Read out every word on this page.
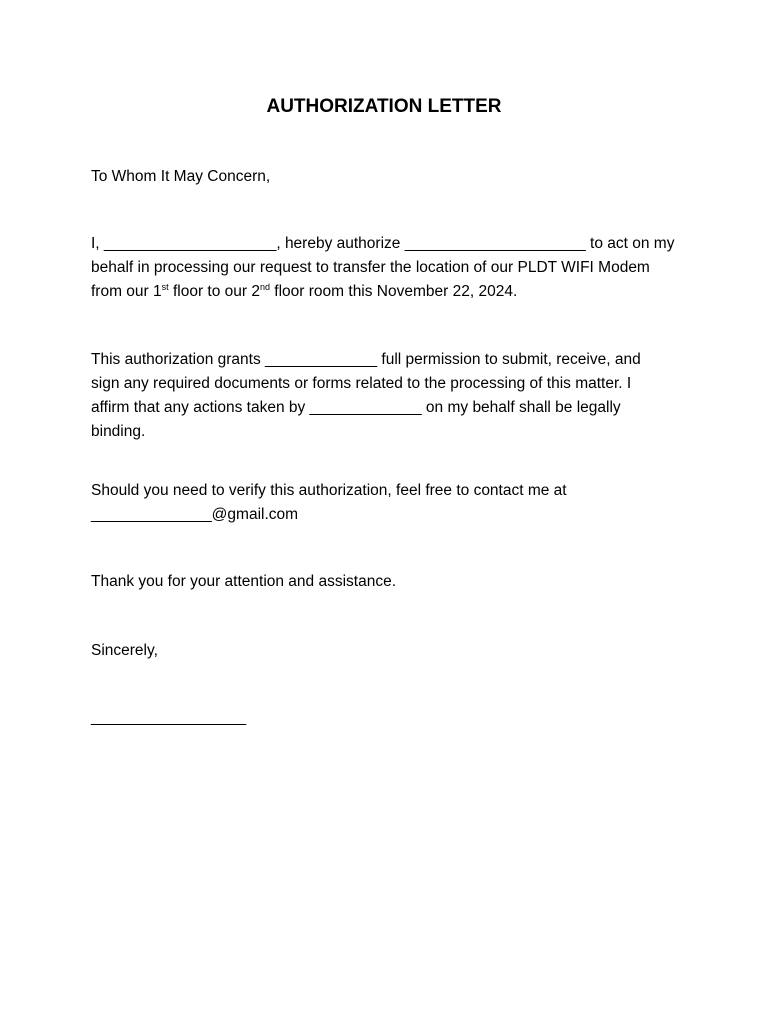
AUTHORIZATION LETTER

To Whom It May Concern,

I, ____________________, hereby authorize _____________________ to act on my
behalf in processing our request to transfer the location of our PLDT WIFI Modem
from our 1st floor to our 2nd floor room this November 22, 2024.

This authorization grants _____________ full permission to submit, receive, and
sign any required documents or forms related to the processing of this matter. I
affirm that any actions taken by _____________ on my behalf shall be legally
binding.

Should you need to verify this authorization, feel free to contact me at
______________@gmail.com

Thank you for your attention and assistance.

Sincerely,

__________________
